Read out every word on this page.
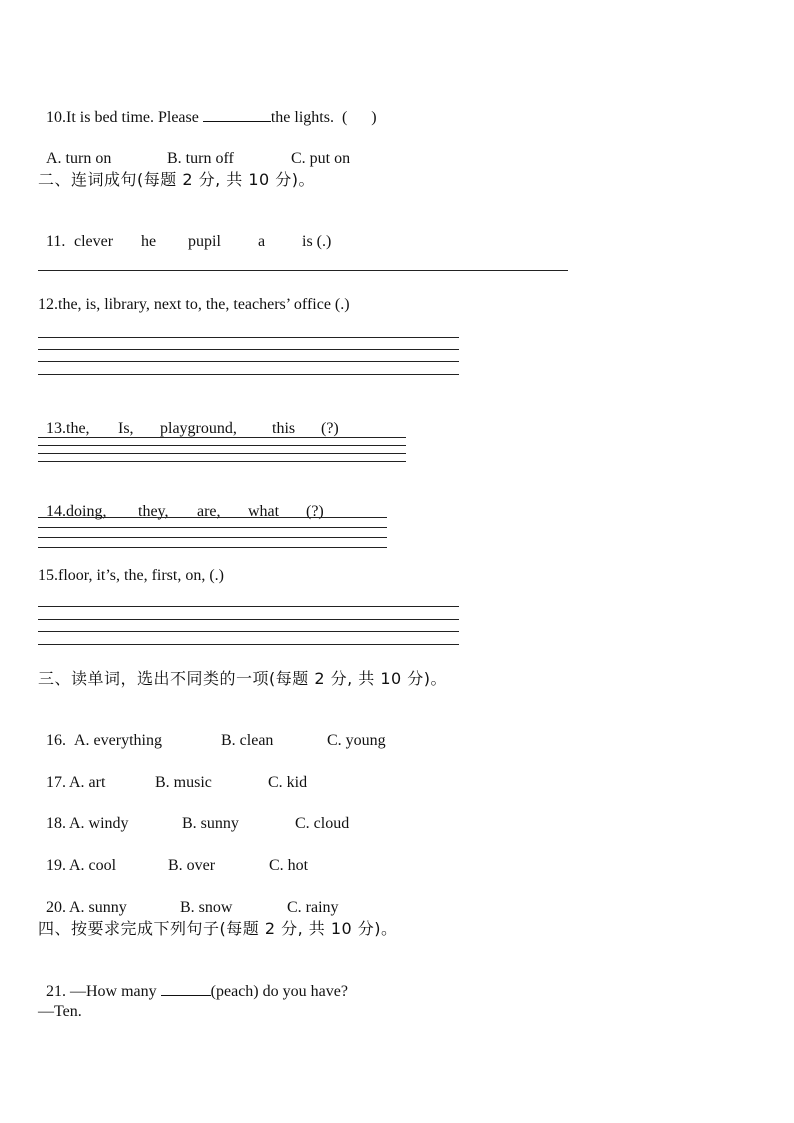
10.It is bed time. Please	the lights.  (      )

A. turn on	B. turn off	C. put on

二、连词成句(每题 2 分, 共 10 分)。

11. clever he pupil a is (.)

12.the, is, library, next to, the, teachers’ office (.)

13.the, Is, playground, this (?)

14.doing, they, are, what (?)

15.floor, it’s, the, first, on, (.)
三、读单词，选出不同类的一项(每题 2 分, 共 10 分)。

16. A. everything	B. clean	C. young

17. A. art	B. music	C. kid

18. A. windy	B. sunny	C. cloud

19. A. cool	B. over	C. hot

20. A. sunny	B. snow	C. rainy

四、按要求完成下列句子(每题 2 分, 共 10 分)。

21. —How many	(peach) do you have?

—Ten.
